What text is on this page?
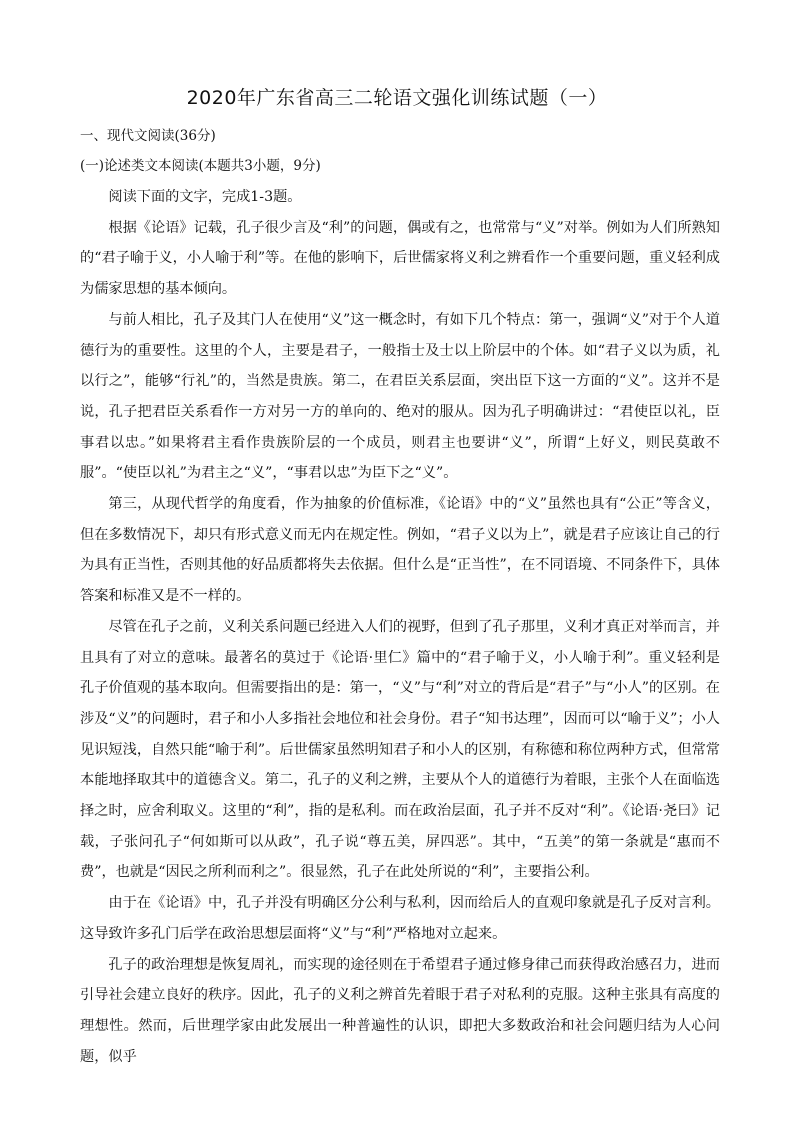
2020年广东省高三二轮语文强化训练试题（一）
一、现代文阅读(36分)
(一)论述类文本阅读(本题共3小题，9分)

阅读下面的文字，完成1-3题。

根据《论语》记载，孔子很少言及“利”的问题，偶或有之，也常常与“义”对举。例如为人们所熟知的“君子喻于义，小人喻于利”等。在他的影响下，后世儒家将义利之辨看作一个重要问题，重义轻利成为儒家思想的基本倾向。

与前人相比，孔子及其门人在使用“义”这一概念时，有如下几个特点：第一，强调“义”对于个人道德行为的重要性。这里的个人，主要是君子，一般指士及士以上阶层中的个体。如“君子义以为质，礼以行之”，能够“行礼”的，当然是贵族。第二，在君臣关系层面，突出臣下这一方面的“义”。这并不是说，孔子把君臣关系看作一方对另一方的单向的、绝对的服从。因为孔子明确讲过：“君使臣以礼，臣事君以忠。”如果将君主看作贵族阶层的一个成员，则君主也要讲“义”，所谓“上好义，则民莫敢不服”。“使臣以礼”为君主之“义”，“事君以忠”为臣下之“义”。

第三，从现代哲学的角度看，作为抽象的价值标准，《论语》中的“义”虽然也具有“公正”等含义，但在多数情况下，却只有形式意义而无内在规定性。例如，“君子义以为上”，就是君子应该让自己的行为具有正当性，否则其他的好品质都将失去依据。但什么是“正当性”，在不同语境、不同条件下，具体答案和标准又是不一样的。

尽管在孔子之前，义利关系问题已经进入人们的视野，但到了孔子那里，义利才真正对举而言，并且具有了对立的意味。最著名的莫过于《论语·里仁》篇中的“君子喻于义，小人喻于利”。重义轻利是孔子价值观的基本取向。但需要指出的是：第一，“义”与“利”对立的背后是“君子”与“小人”的区别。在涉及“义”的问题时，君子和小人多指社会地位和社会身份。君子“知书达理”，因而可以“喻于义”；小人见识短浅，自然只能“喻于利”。后世儒家虽然明知君子和小人的区别，有称德和称位两种方式，但常常本能地择取其中的道德含义。第二，孔子的义利之辨，主要从个人的道德行为着眼，主张个人在面临选择之时，应舍利取义。这里的“利”，指的是私利。而在政治层面，孔子并不反对“利”。《论语·尧曰》记载，子张问孔子“何如斯可以从政”，孔子说“尊五美，屏四恶”。其中，“五美”的第一条就是“惠而不费”，也就是“因民之所利而利之”。很显然，孔子在此处所说的“利”，主要指公利。

由于在《论语》中，孔子并没有明确区分公利与私利，因而给后人的直观印象就是孔子反对言利。这导致许多孔门后学在政治思想层面将“义”与“利”严格地对立起来。

孔子的政治理想是恢复周礼，而实现的途径则在于希望君子通过修身律己而获得政治感召力，进而引导社会建立良好的秩序。因此，孔子的义利之辨首先着眼于君子对私利的克服。这种主张具有高度的理想性。然而，后世理学家由此发展出一种普遍性的认识，即把大多数政治和社会问题归结为人心问题，似乎
